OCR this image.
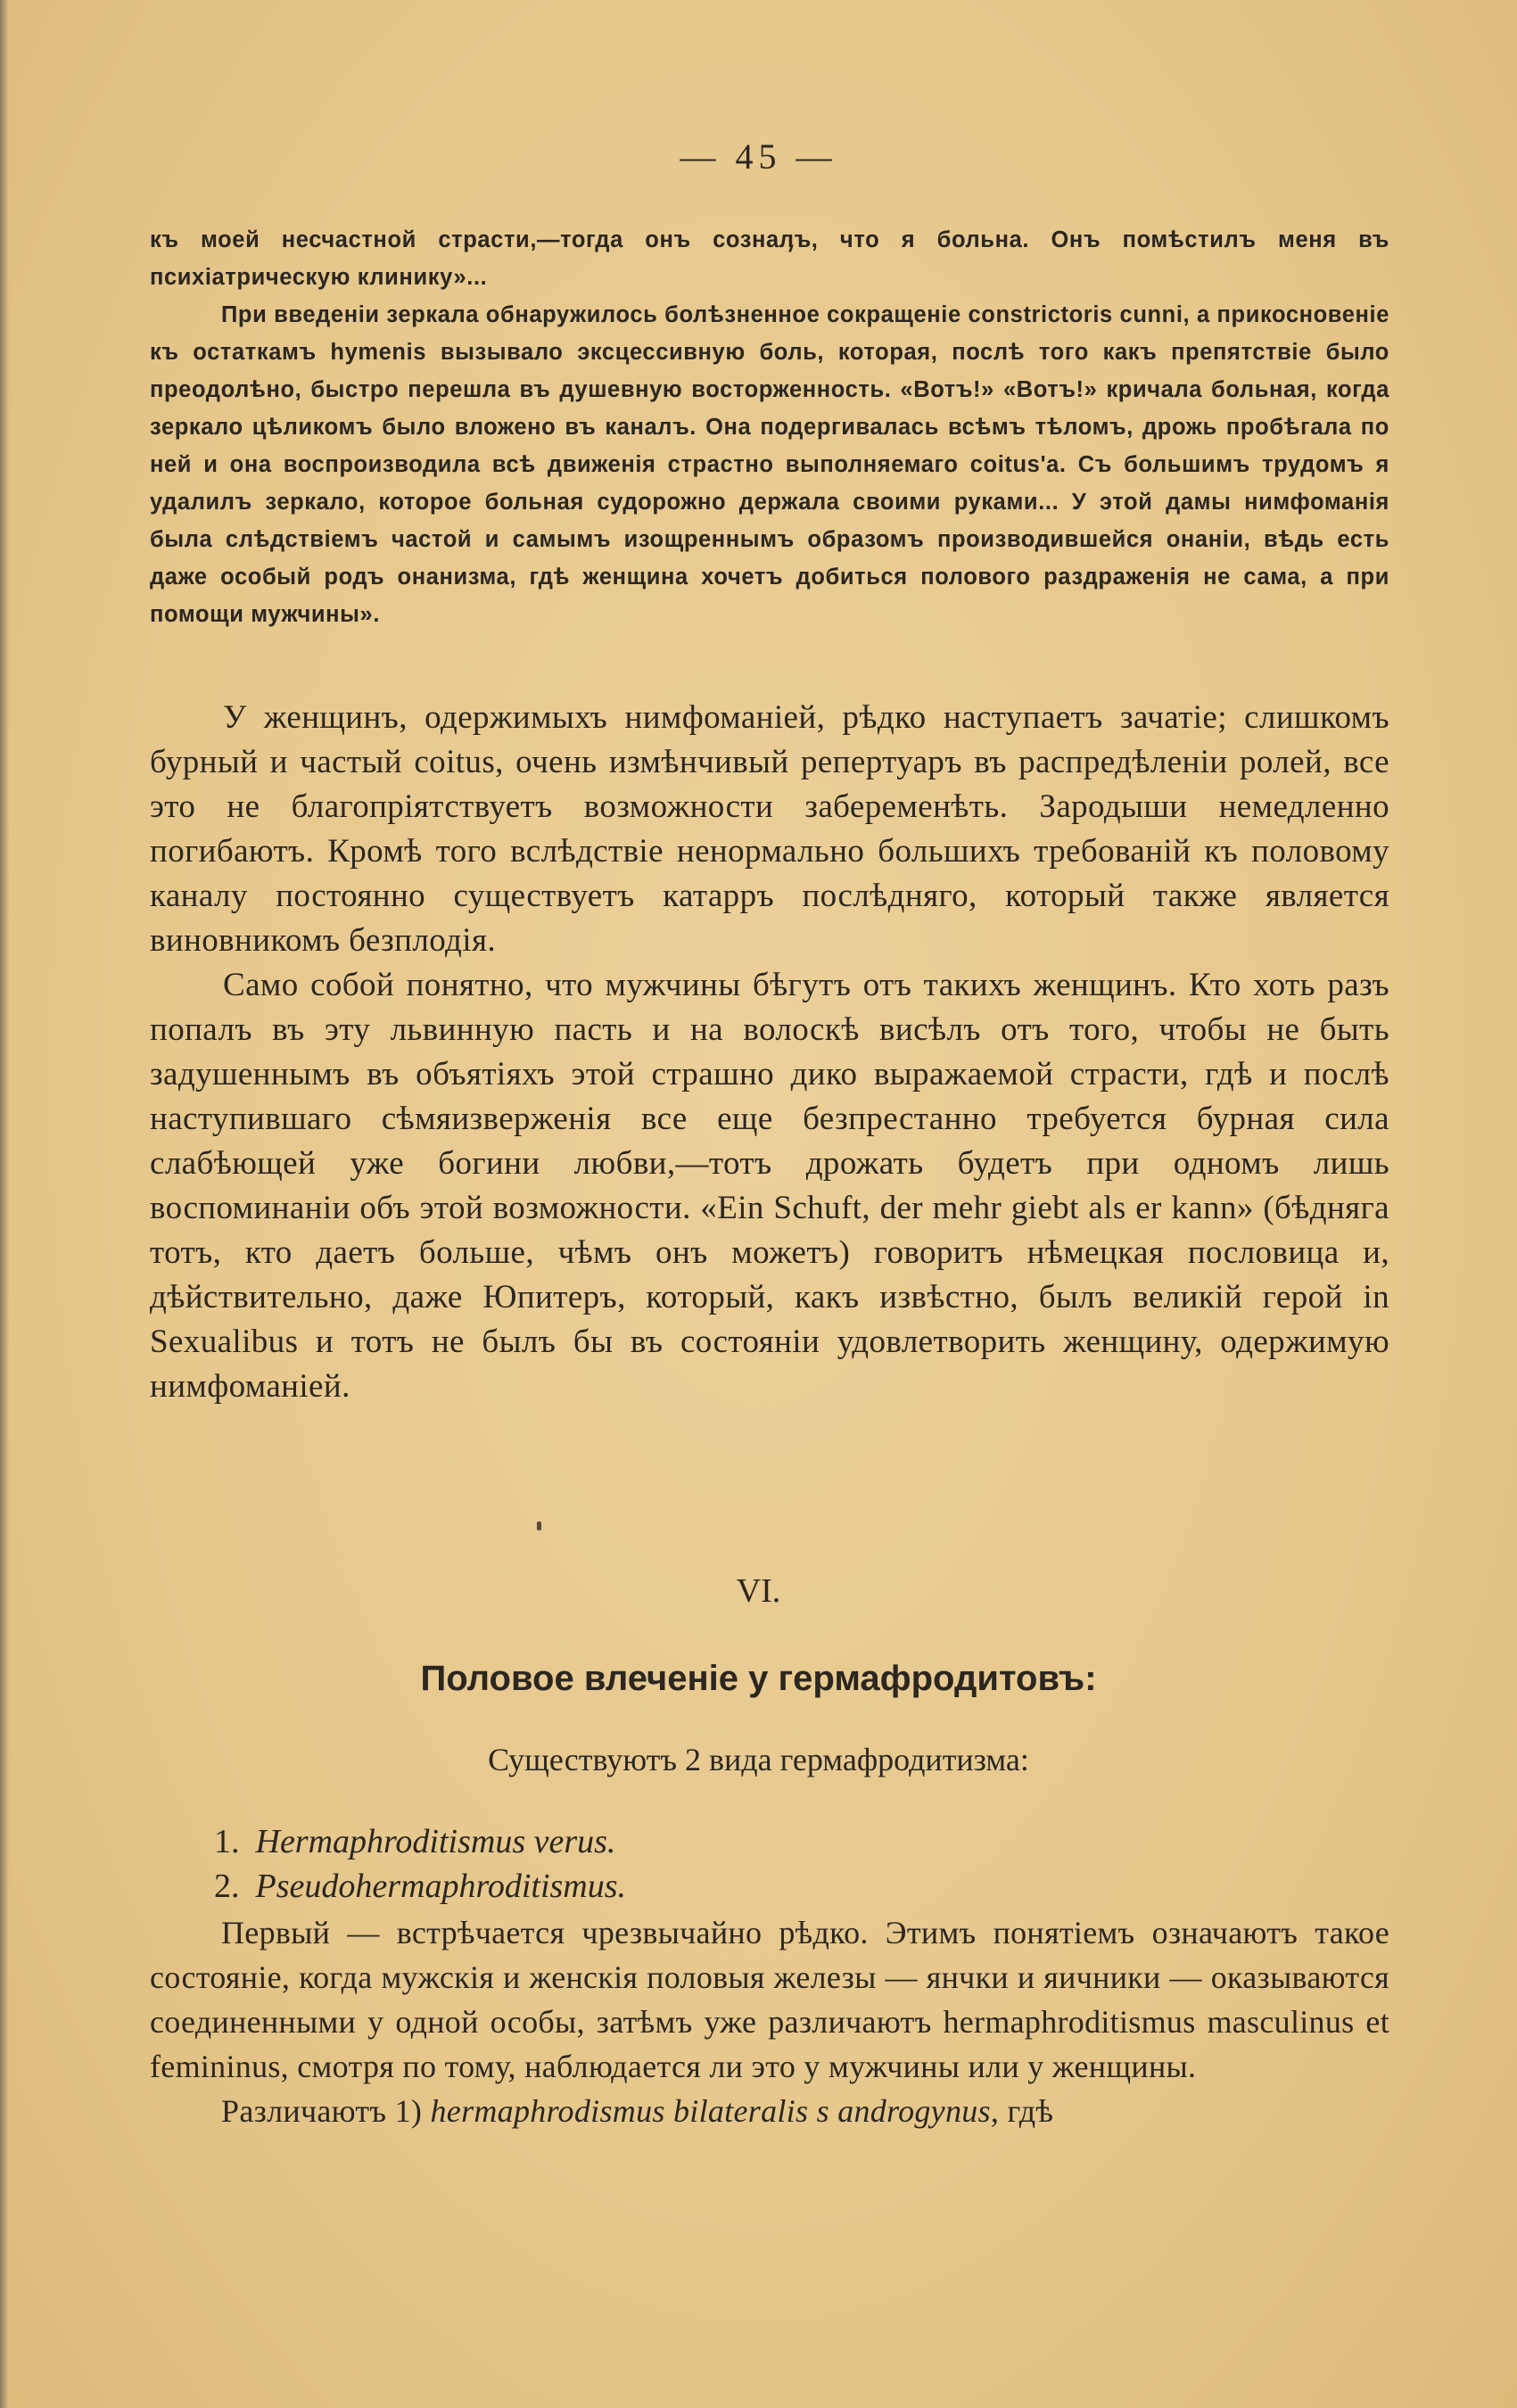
— 45 —

къ моей несчастной страсти,—тогда онъ сознаӆъ, что я больна. Онъ помѣстилъ меня въ психіатрическую клинику»...

При введеніи зеркала обнаружилось болѣзненное сокращеніе constrictoris cunni, а прикосновеніе къ остаткамъ hymenis вызывало эксцессивную боль, которая, послѣ того какъ препятствіе было преодолѣно, быстро перешла въ душевную восторженность. «Вотъ!» «Вотъ!» кричала больная, когда зеркало цѣликомъ было вложено въ каналъ. Она подергивалась всѣмъ тѣломъ, дрожь пробѣгала по ней и она воспроизводила всѣ движенія страстно выполняемаго coitus'а. Съ большимъ трудомъ я удалилъ зеркало, которое больная судорожно держала своими руками... У этой дамы нимфоманія была слѣдствіемъ частой и самымъ изощреннымъ образомъ производившейся онаніи, вѣдь есть даже особый родъ онанизма, гдѣ женщина хочетъ добиться полового раздраженія не сама, а при помощи мужчины».

У женщинъ, одержимыхъ нимфоманіей, рѣдко наступаетъ зачатіе; слишкомъ бурный и частый coitus, очень измѣнчивый репертуаръ въ распредѣленіи ролей, все это не благопріятствуетъ возможности забеременѣть. Зародыши немедленно погибаютъ. Кромѣ того вслѣдствіе ненормально большихъ требованій къ половому каналу постоянно существуетъ катарръ послѣдняго, который также является виновникомъ безплодія.

Само собой понятно, что мужчины бѣгутъ отъ такихъ женщинъ. Кто хоть разъ попалъ въ эту львинную пасть и на волоскѣ висѣлъ отъ того, чтобы не быть задушеннымъ въ объятіяхъ этой страшно дико выражаемой страсти, гдѣ и послѣ наступившаго сѣмяизверженія все еще безпрестанно требуется бурная сила слабѣющей уже богини любви,—тотъ дрожать будетъ при одномъ лишь воспоминаніи объ этой возможности. «Ein Schuft, der mehr giebt als er kann» (бѣдняга тотъ, кто даетъ больше, чѣмъ онъ можетъ) говоритъ нѣмецкая пословица и, дѣйствительно, даже Юпитеръ, который, какъ извѣстно, былъ великій герой in Sexualibus и тотъ не былъ бы въ состояніи удовлетворить женщину, одержимую нимфоманіей.

VI.
Половое влеченіе у гермафродитовъ:
Существуютъ 2 вида гермафродитизма:
1. Hermaphroditismus verus.
2. Pseudohermaphroditismus.

Первый — встрѣчается чрезвычайно рѣдко. Этимъ понятіемъ означаютъ такое состояніе, когда мужскія и женскія половыя железы — янчки и яичники — оказываются соединенными у одной особы, затѣмъ уже различаютъ hermaphroditismus masculinus et femininus, смотря по тому, наблюдается ли это у мужчины или у женщины.

Различаютъ 1) hermaphrodismus bilateralis s androgynus, гдѣ
